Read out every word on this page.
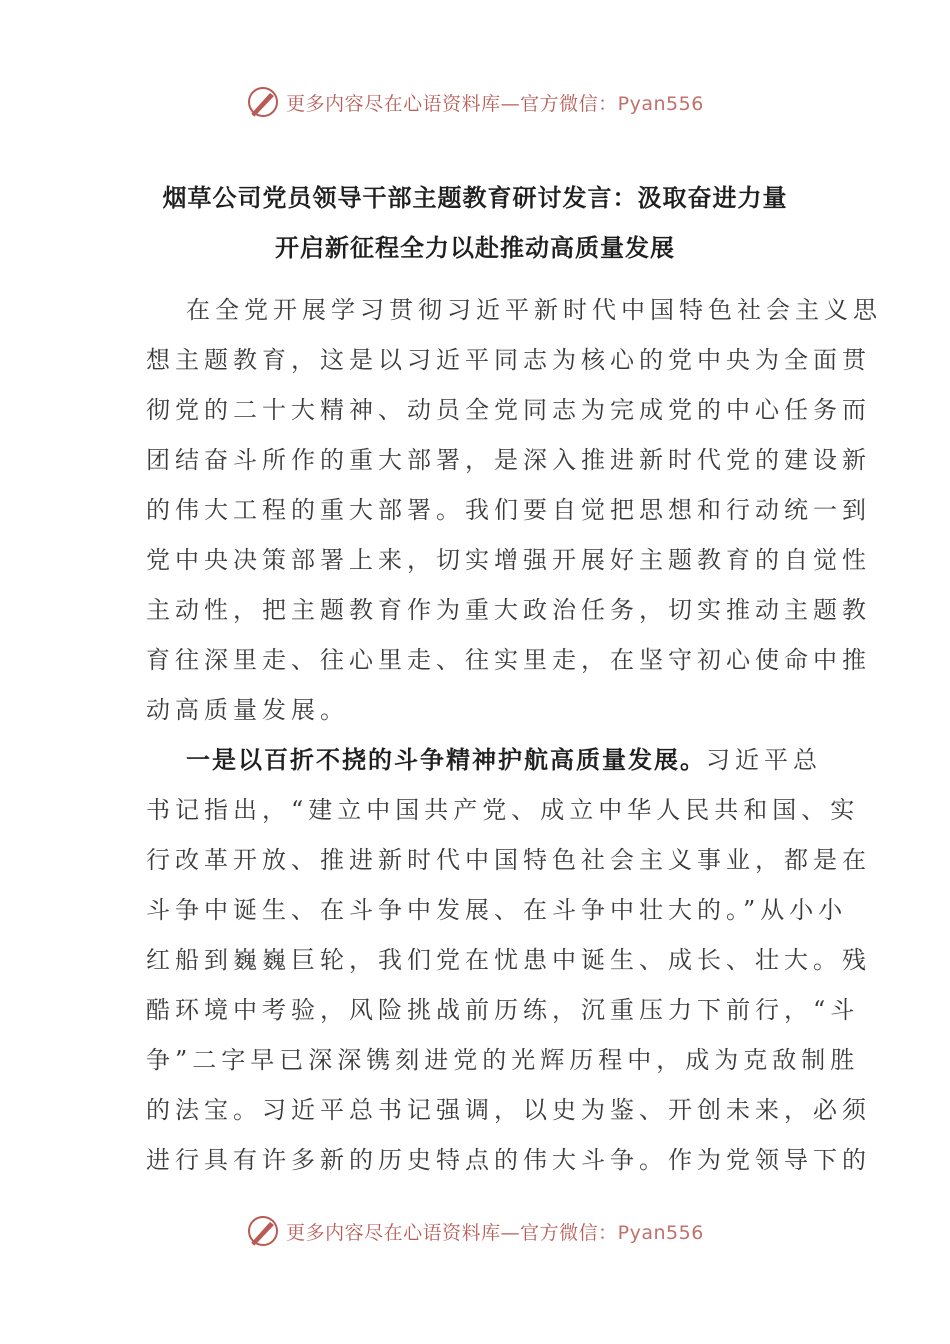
更多内容尽在心语资料库—官方微信：Pyan556
烟草公司党员领导干部主题教育研讨发言：汲取奋进力量
开启新征程全力以赴推动高质量发展
在全党开展学习贯彻习近平新时代中国特色社会主义思
想主题教育，这是以习近平同志为核心的党中央为全面贯
彻党的二十大精神、动员全党同志为完成党的中心任务而
团结奋斗所作的重大部署，是深入推进新时代党的建设新
的伟大工程的重大部署。我们要自觉把思想和行动统一到
党中央决策部署上来，切实增强开展好主题教育的自觉性
主动性，把主题教育作为重大政治任务，切实推动主题教
育往深里走、往心里走、往实里走，在坚守初心使命中推
动高质量发展。
一是以百折不挠的斗争精神护航高质量发展。习近平总
书记指出，“建立中国共产党、成立中华人民共和国、实
行改革开放、推进新时代中国特色社会主义事业，都是在
斗争中诞生、在斗争中发展、在斗争中壮大的。”从小小
红船到巍巍巨轮，我们党在忧患中诞生、成长、壮大。残
酷环境中考验，风险挑战前历练，沉重压力下前行，“斗
争”二字早已深深镌刻进党的光辉历程中，成为克敌制胜
的法宝。习近平总书记强调，以史为鉴、开创未来，必须
进行具有许多新的历史特点的伟大斗争。作为党领导下的
更多内容尽在心语资料库—官方微信：Pyan556
